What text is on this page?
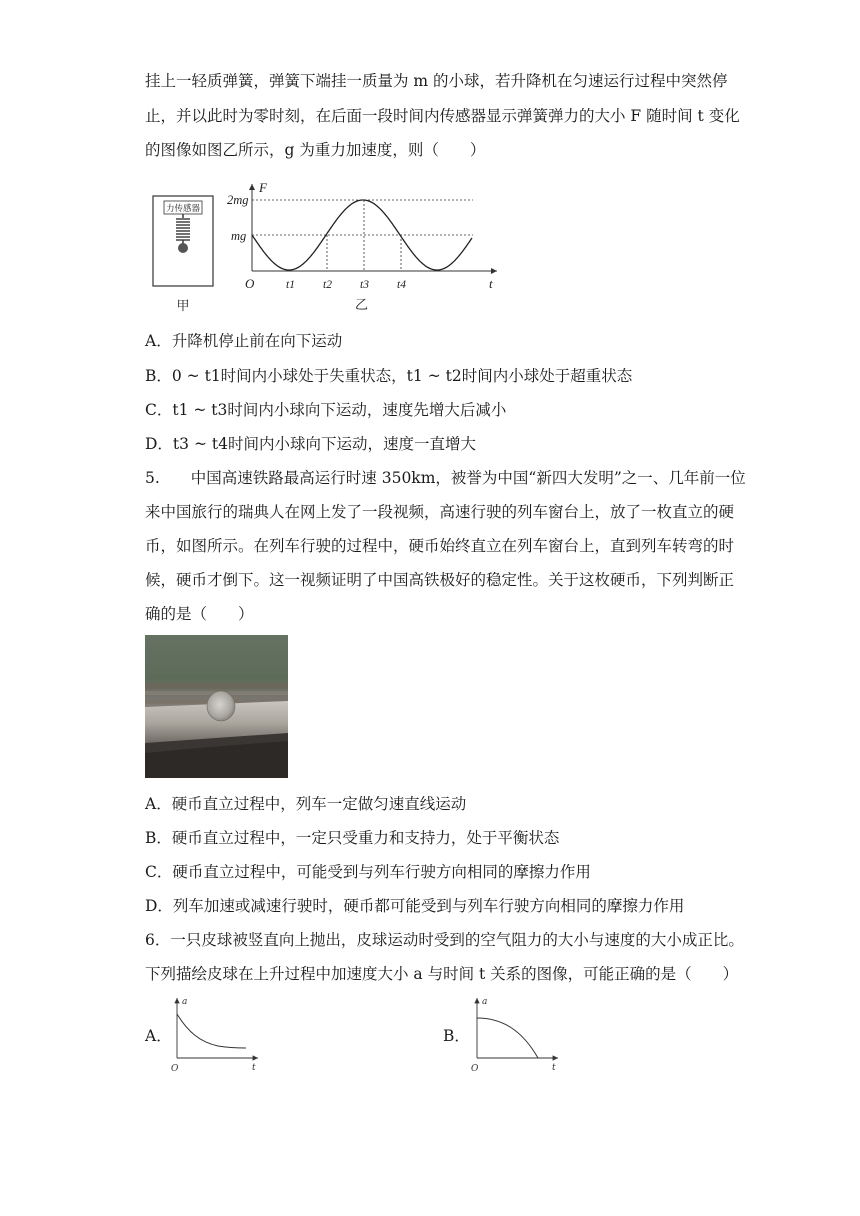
挂上一轻质弹簧，弹簧下端挂一质量为 m 的小球，若升降机在匀速运行过程中突然停
止，并以此时为零时刻，在后面一段时间内传感器显示弹簧弹力的大小 F 随时间 t 变化
的图像如图乙所示，g 为重力加速度，则（　　）
力传感器
甲
F
t
O
2mg
mg
t1 t2 t3 t4
乙
A．升降机停止前在向下运动
B．0 ~ t1时间内小球处于失重状态，t1 ~ t2时间内小球处于超重状态
C．t1 ~ t3时间内小球向下运动，速度先增大后减小
D．t3 ~ t4时间内小球向下运动，速度一直增大
5.　　中国高速铁路最高运行时速 350km，被誉为中国“新四大发明”之一、几年前一位
来中国旅行的瑞典人在网上发了一段视频，高速行驶的列车窗台上，放了一枚直立的硬
币，如图所示。在列车行驶的过程中，硬币始终直立在列车窗台上，直到列车转弯的时
候，硬币才倒下。这一视频证明了中国高铁极好的稳定性。关于这枚硬币，下列判断正
确的是（　　）
A．硬币直立过程中，列车一定做匀速直线运动
B．硬币直立过程中，一定只受重力和支持力，处于平衡状态
C．硬币直立过程中，可能受到与列车行驶方向相同的摩擦力作用
D．列车加速或减速行驶时，硬币都可能受到与列车行驶方向相同的摩擦力作用
6．一只皮球被竖直向上抛出，皮球运动时受到的空气阻力的大小与速度的大小成正比。
下列描绘皮球在上升过程中加速度大小 a 与时间 t 关系的图像，可能正确的是（　　）
A．
a
t
O
B．
a
t
O
